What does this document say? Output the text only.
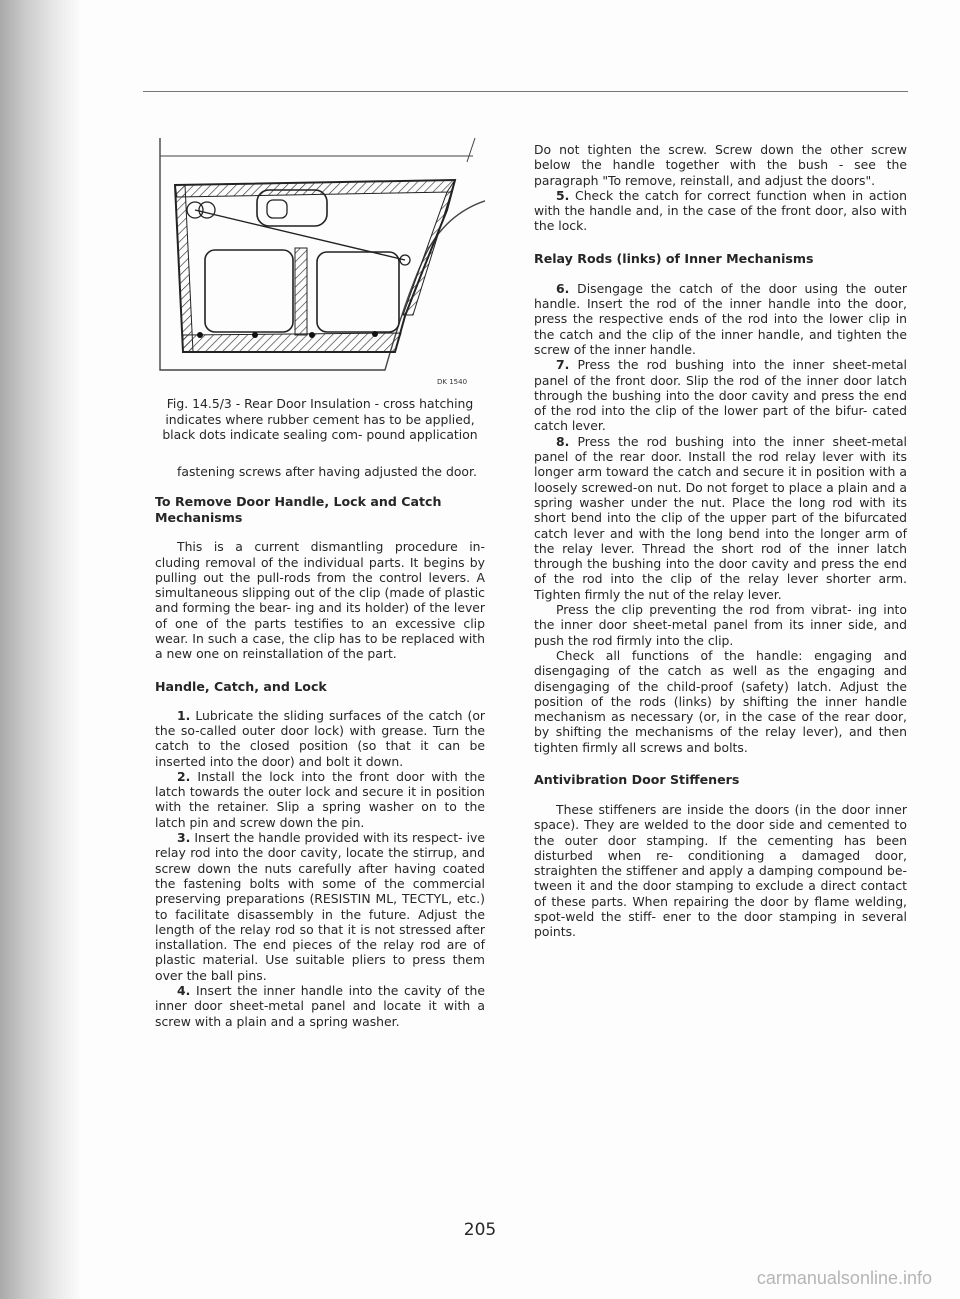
DK 1540
Fig. 14.5/3 - Rear Door Insulation - cross hatching indicates where rubber cement has to be applied, black dots indicate sealing com- pound application

fastening screws after having adjusted the door.

To Remove Door Handle, Lock and Catch Mechanisms

This is a current dismantling procedure in- cluding removal of the individual parts. It begins by pulling out the pull-rods from the control levers. A simultaneous slipping out of the clip (made of plastic and forming the bear- ing and its holder) of the lever of one of the parts testifies to an excessive clip wear. In such a case, the clip has to be replaced with a new one on reinstallation of the part.

Handle, Catch, and Lock

1. Lubricate the sliding surfaces of the catch (or the so-called outer door lock) with grease. Turn the catch to the closed position (so that it can be inserted into the door) and bolt it down.

2. Install the lock into the front door with the latch towards the outer lock and secure it in position with the retainer. Slip a spring washer on to the latch pin and screw down the pin.

3. Insert the handle provided with its respect- ive relay rod into the door cavity, locate the stirrup, and screw down the nuts carefully after having coated the fastening bolts with some of the commercial preserving preparations (RESISTIN ML, TECTYL, etc.) to facilitate disassembly in the future. Adjust the length of the relay rod so that it is not stressed after installation. The end pieces of the relay rod are of plastic material. Use suitable pliers to press them over the ball pins.

4. Insert the inner handle into the cavity of the inner door sheet-metal panel and locate it with a screw with a plain and a spring washer.

Do not tighten the screw. Screw down the other screw below the handle together with the bush - see the paragraph "To remove, reinstall, and adjust the doors".

5. Check the catch for correct function when in action with the handle and, in the case of the front door, also with the lock.

Relay Rods (links) of Inner Mechanisms

6. Disengage the catch of the door using the outer handle. Insert the rod of the inner handle into the door, press the respective ends of the rod into the lower clip in the catch and the clip of the inner handle, and tighten the screw of the inner handle.

7. Press the rod bushing into the inner sheet-metal panel of the front door. Slip the rod of the inner door latch through the bushing into the door cavity and press the end of the rod into the clip of the lower part of the bifur- cated catch lever.

8. Press the rod bushing into the inner sheet-metal panel of the rear door. Install the rod relay lever with its longer arm toward the catch and secure it in position with a loosely screwed-on nut. Do not forget to place a plain and a spring washer under the nut. Place the long rod with its short bend into the clip of the upper part of the bifurcated catch lever and with the long bend into the longer arm of the relay lever. Thread the short rod of the inner latch through the bushing into the door cavity and press the end of the rod into the clip of the relay lever shorter arm. Tighten firmly the nut of the relay lever.

Press the clip preventing the rod from vibrat- ing into the inner door sheet-metal panel from its inner side, and push the rod firmly into the clip.

Check all functions of the handle: engaging and disengaging of the catch as well as the engaging and disengaging of the child-proof (safety) latch. Adjust the position of the rods (links) by shifting the inner handle mechanism as necessary (or, in the case of the rear door, by shifting the mechanisms of the relay lever), and then tighten firmly all screws and bolts.

Antivibration Door Stiffeners

These stiffeners are inside the doors (in the door inner space). They are welded to the door side and cemented to the outer door stamping. If the cementing has been disturbed when re- conditioning a damaged door, straighten the stiffener and apply a damping compound be- tween it and the door stamping to exclude a direct contact of these parts. When repairing the door by flame welding, spot-weld the stiff- ener to the door stamping in several points.

205
carmanualsonline.info
